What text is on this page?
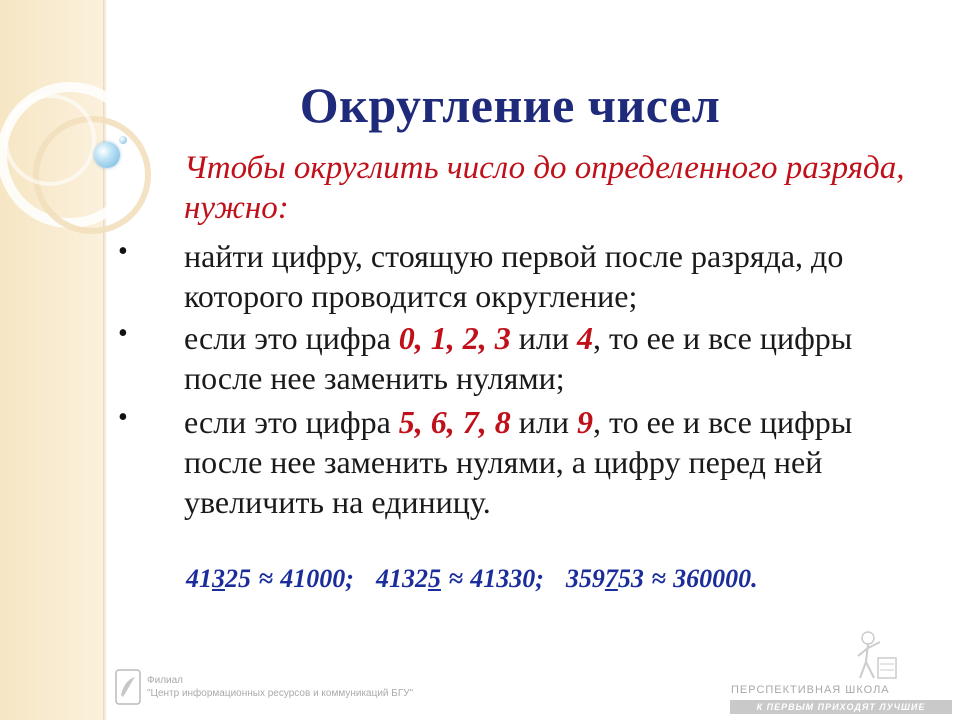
Округление чисел
Чтобы округлить число до определенного разряда, нужно:
• найти цифру, стоящую первой после разряда, до которого проводится округление;
• если это цифра 0, 1, 2, 3 или 4, то ее и все цифры после нее заменить нулями;
• если это цифра 5, 6, 7, 8 или 9, то ее и все цифры после нее заменить нулями, а цифру перед ней увеличить на единицу.
41325 ≈ 41000; 41325 ≈ 41330; 359753 ≈ 360000.
Филиал
"Центр информационных ресурсов и коммуникаций БГУ"	ПЕРСПЕКТИВНАЯ ШКОЛА
К ПЕРВЫМ ПРИХОДЯТ ЛУЧШИЕ
